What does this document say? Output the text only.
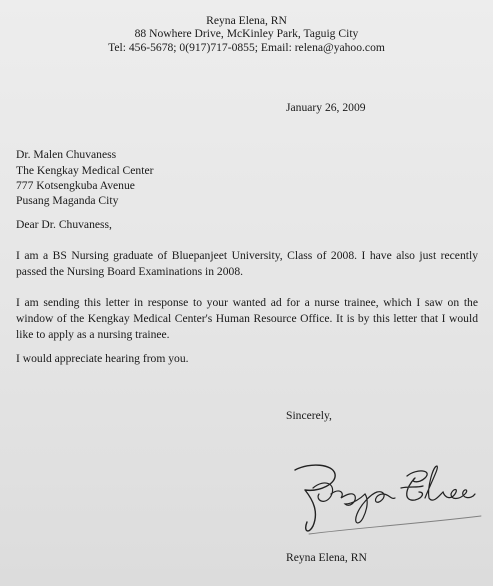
Reyna Elena, RN

88 Nowhere Drive, McKinley Park, Taguig City

Tel: 456-5678; 0(917)717-0855; Email: relena@yahoo.com

January 26, 2009

Dr. Malen Chuvaness

The Kengkay Medical Center

777 Kotsengkuba Avenue

Pusang Maganda City

Dear Dr. Chuvaness,

I am a BS Nursing graduate of Bluepanjeet University, Class of 2008. I have also just recently passed the Nursing Board Examinations in 2008.

I am sending this letter in response to your wanted ad for a nurse trainee, which I saw on the window of the Kengkay Medical Center's Human Resource Office. It is by this letter that I would like to apply as a nursing trainee.

I would appreciate hearing from you.

Sincerely,

Reyna Elena, RN
